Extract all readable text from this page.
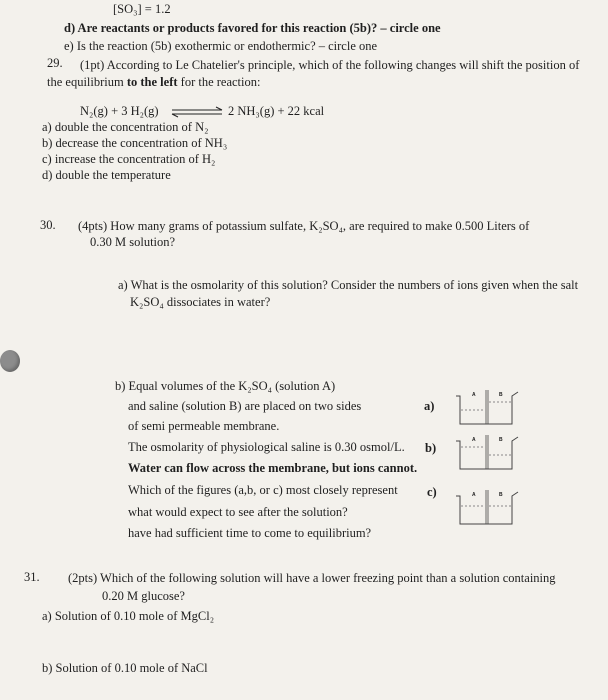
[SO₃] = 1.2
d) Are reactants or products favored for this reaction (5b)? – circle one
e) Is the reaction (5b) exothermic or endothermic? – circle one
29. (1pt) According to Le Chatelier's principle, which of the following changes will shift the position of
the equilibrium to the left for the reaction:
N₂(g) + 3 H₂(g) ⇌ 2 NH₃(g) + 22 kcal
a) double the concentration of N₂
b) decrease the concentration of NH₃
c) increase the concentration of H₂
d) double the temperature
30. (4pts) How many grams of potassium sulfate, K₂SO₄, are required to make 0.500 Liters of
0.30 M solution?
a) What is the osmolarity of this solution? Consider the numbers of ions given when the salt
K₂SO₄ dissociates in water?
b) Equal volumes of the K₂SO₄ (solution A)
and saline (solution B) are placed on two sides
of semi permeable membrane.
The osmolarity of physiological saline is 0.30 osmol/L.
Water can flow across the membrane, but ions cannot.
Which of the figures (a,b, or c) most closely represent
what would expect to see after the solution?
have had sufficient time to come to equilibrium?
a)
b)
c)
A	B
A	B
A	B
31. (2pts) Which of the following solution will have a lower freezing point than a solution containing
0.20 M glucose?
a) Solution of 0.10 mole of MgCl₂
b) Solution of 0.10 mole of NaCl
